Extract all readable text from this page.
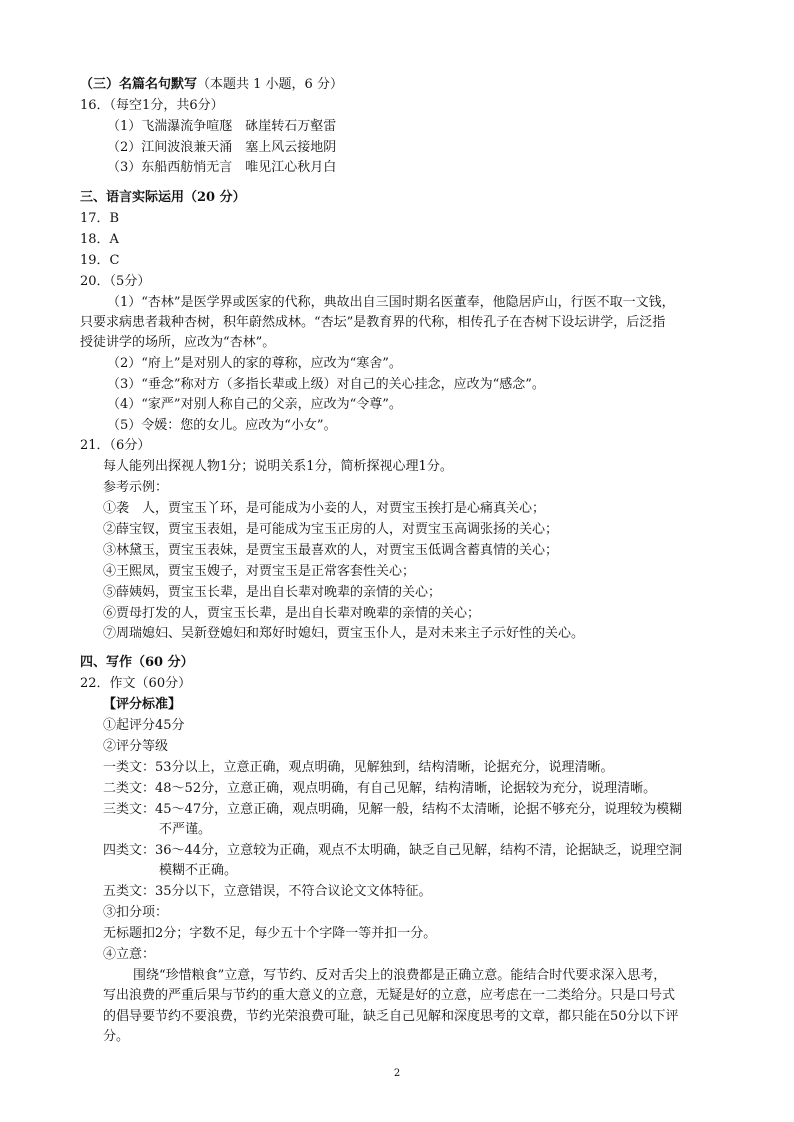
（三）名篇名句默写（本题共 1 小题，6 分）
16．（每空1分，共6分）
（1）飞湍瀑流争喧豗　砯崖转石万壑雷
（2）江间波浪兼天涌　塞上风云接地阴
（3）东船西舫悄无言　唯见江心秋月白
三、语言实际运用（20 分）
17．B
18．A
19．C
20．（5分）
（1）“杏林”是医学界或医家的代称，典故出自三国时期名医董奉，他隐居庐山，行医不取一文钱，
只要求病患者栽种杏树，积年蔚然成林。“杏坛”是教育界的代称，相传孔子在杏树下设坛讲学，后泛指
授徒讲学的场所，应改为“杏林”。
（2）“府上”是对别人的家的尊称，应改为“寒舍”。
（3）“垂念”称对方（多指长辈或上级）对自己的关心挂念，应改为“感念”。
（4）“家严”对别人称自己的父亲，应改为“令尊”。
（5）令媛：您的女儿。应改为“小女”。
21．（6分）
每人能列出探视人物1分；说明关系1分，简析探视心理1分。
参考示例：
①袭　人，贾宝玉丫环，是可能成为小妾的人，对贾宝玉挨打是心痛真关心；
②薛宝钗，贾宝玉表姐，是可能成为宝玉正房的人，对贾宝玉高调张扬的关心；
③林黛玉，贾宝玉表妹，是贾宝玉最喜欢的人，对贾宝玉低调含蓄真情的关心；
④王熙凤，贾宝玉嫂子，对贾宝玉是正常客套性关心；
⑤薛姨妈，贾宝玉长辈，是出自长辈对晚辈的亲情的关心；
⑥贾母打发的人，贾宝玉长辈，是出自长辈对晚辈的亲情的关心；
⑦周瑞媳妇、吴新登媳妇和郑好时媳妇，贾宝玉仆人，是对未来主子示好性的关心。
四、写作（60 分）
22．作文（60分）
【评分标准】
①起评分45分
②评分等级
一类文：53分以上，立意正确，观点明确，见解独到，结构清晰，论据充分，说理清晰。
二类文：48～52分，立意正确，观点明确，有自己见解，结构清晰，论据较为充分，说理清晰。
三类文：45～47分，立意正确，观点明确，见解一般，结构不太清晰，论据不够充分，说理较为模糊
不严谨。
四类文：36～44分，立意较为正确，观点不太明确，缺乏自己见解，结构不清，论据缺乏，说理空洞
模糊不正确。
五类文：35分以下，立意错误，不符合议论文文体特征。
③扣分项：
无标题扣2分；字数不足，每少五十个字降一等并扣一分。
④立意：
围绕“珍惜粮食”立意，写节约、反对舌尖上的浪费都是正确立意。能结合时代要求深入思考，
写出浪费的严重后果与节约的重大意义的立意，无疑是好的立意，应考虑在一二类给分。只是口号式
的倡导要节约不要浪费，节约光荣浪费可耻，缺乏自己见解和深度思考的文章，都只能在50分以下评
分。
2
